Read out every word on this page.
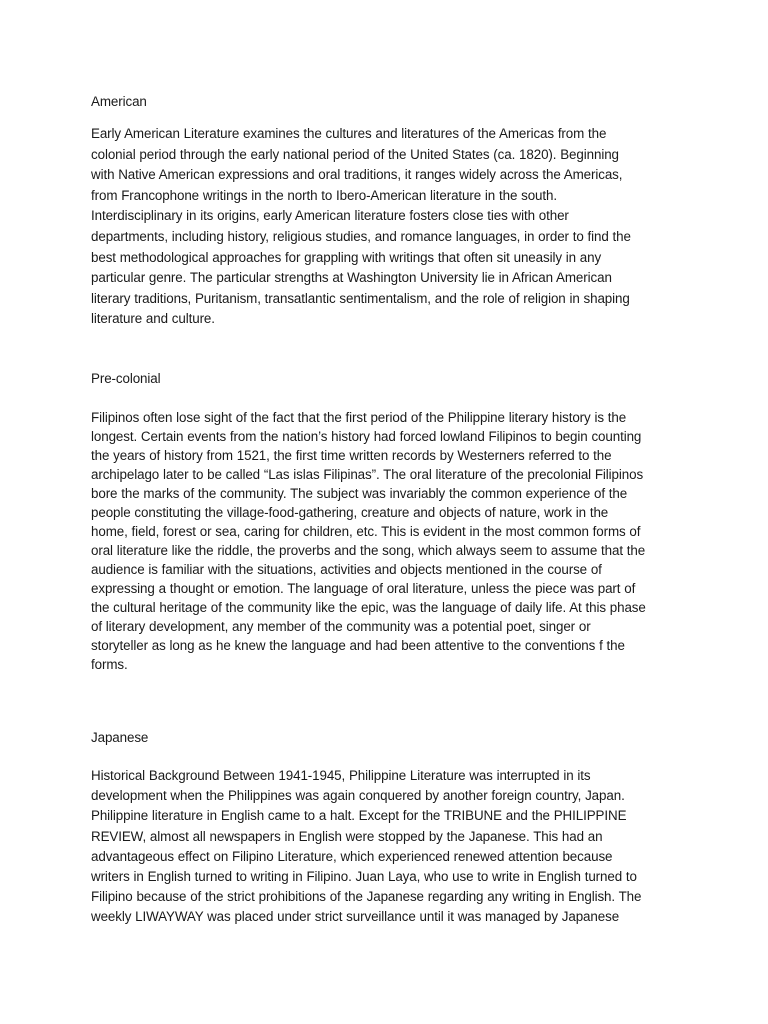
American

Early American Literature examines the cultures and literatures of the Americas from the
colonial period through the early national period of the United States (ca. 1820). Beginning
with Native American expressions and oral traditions, it ranges widely across the Americas,
from Francophone writings in the north to Ibero-American literature in the south.
Interdisciplinary in its origins, early American literature fosters close ties with other
departments, including history, religious studies, and romance languages, in order to find the
best methodological approaches for grappling with writings that often sit uneasily in any
particular genre. The particular strengths at Washington University lie in African American
literary traditions, Puritanism, transatlantic sentimentalism, and the role of religion in shaping
literature and culture.

Pre-colonial

Filipinos often lose sight of the fact that the first period of the Philippine literary history is the
longest. Certain events from the nation’s history had forced lowland Filipinos to begin counting
the years of history from 1521, the first time written records by Westerners referred to the
archipelago later to be called “Las islas Filipinas”. The oral literature of the precolonial Filipinos
bore the marks of the community. The subject was invariably the common experience of the
people constituting the village-food-gathering, creature and objects of nature, work in the
home, field, forest or sea, caring for children, etc. This is evident in the most common forms of
oral literature like the riddle, the proverbs and the song, which always seem to assume that the
audience is familiar with the situations, activities and objects mentioned in the course of
expressing a thought or emotion. The language of oral literature, unless the piece was part of
the cultural heritage of the community like the epic, was the language of daily life. At this phase
of literary development, any member of the community was a potential poet, singer or
storyteller as long as he knew the language and had been attentive to the conventions f the
forms.

Japanese

Historical Background Between 1941-1945, Philippine Literature was interrupted in its
development when the Philippines was again conquered by another foreign country, Japan.
Philippine literature in English came to a halt. Except for the TRIBUNE and the PHILIPPINE
REVIEW, almost all newspapers in English were stopped by the Japanese. This had an
advantageous effect on Filipino Literature, which experienced renewed attention because
writers in English turned to writing in Filipino. Juan Laya, who use to write in English turned to
Filipino because of the strict prohibitions of the Japanese regarding any writing in English. The
weekly LIWAYWAY was placed under strict surveillance until it was managed by Japanese
